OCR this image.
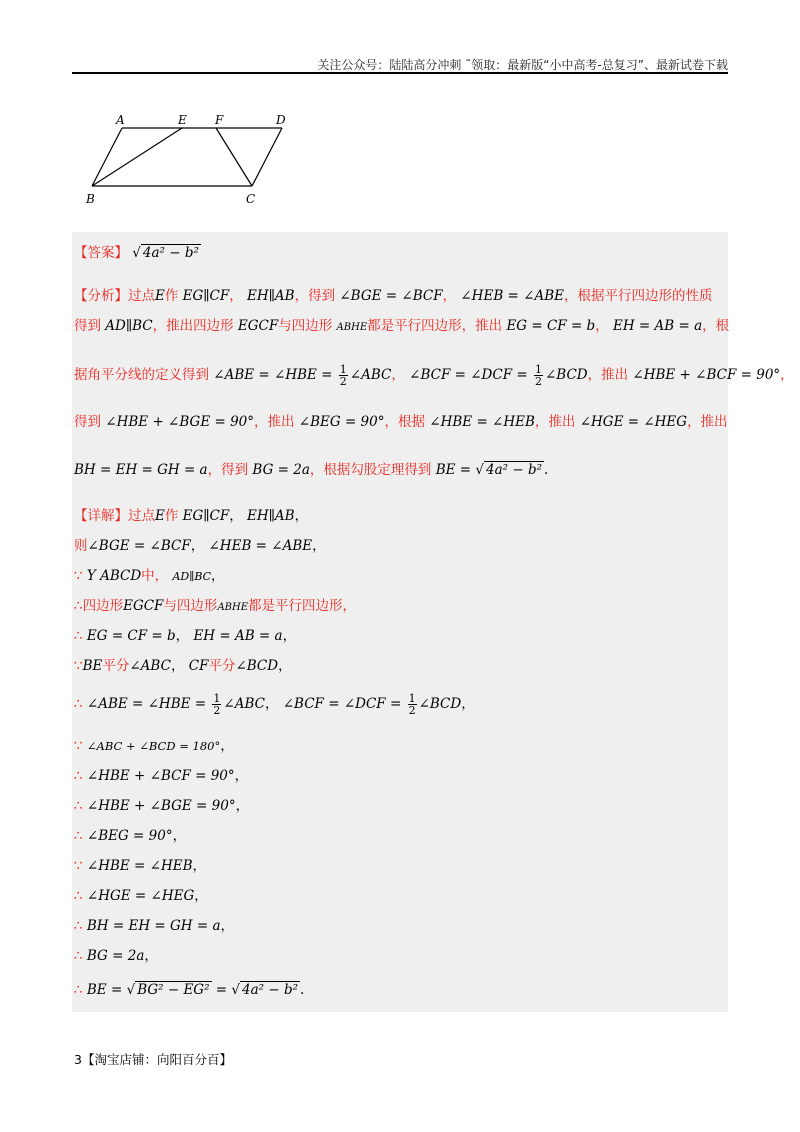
关注公众号：陆陆高分冲刺 ˜领取：最新版“小中高考-总复习”、最新试卷下载
A	E F	D
B	C
【答案】 √ 4a² − b²
【分析】过点E作 EG∥CF， EH∥AB，得到 ∠BGE = ∠BCF， ∠HEB = ∠ABE，根据平行四边形的性质
得到 AD∥BC，推出四边形 EGCF与四边形 ABHE都是平行四边形，推出 EG = CF = b， EH = AB = a，根
据角平分线的定义得到 ∠ABE = ∠HBE = $\frac{1}{2}$ ∠ABC， ∠BCF = ∠DCF = $\frac{1}{2}$ ∠BCD，推出 ∠HBE + ∠BCF = 90°，
得到 ∠HBE + ∠BGE = 90°，推出 ∠BEG = 90°，根据 ∠HBE = ∠HEB，推出 ∠HGE = ∠HEG，推出
BH = EH = GH = a，得到 BG = 2a，根据勾股定理得到 BE = √ 4a² − b² .
【详解】过点E作 EG∥CF， EH∥AB，
则∠BGE = ∠BCF， ∠HEB = ∠ABE，
∵ Y ABCD中， AD∥BC，
∴四边形EGCF与四边形ABHE都是平行四边形，
∴ EG = CF = b， EH = AB = a，
∵BE平分∠ABC， CF平分∠BCD，
∴ ∠ABE = ∠HBE = $\frac{1}{2}$ ∠ABC， ∠BCF = ∠DCF = $\frac{1}{2}$ ∠BCD，
∵ ∠ABC + ∠BCD = 180°，
∴ ∠HBE + ∠BCF = 90°，
∴ ∠HBE + ∠BGE = 90°，
∴ ∠BEG = 90°，
∵ ∠HBE = ∠HEB，
∴ ∠HGE = ∠HEG，
∴ BH = EH = GH = a，
∴ BG = 2a，
∴ BE = √ BG² − EG² = √ 4a² − b² .
3【淘宝店铺：向阳百分百】
